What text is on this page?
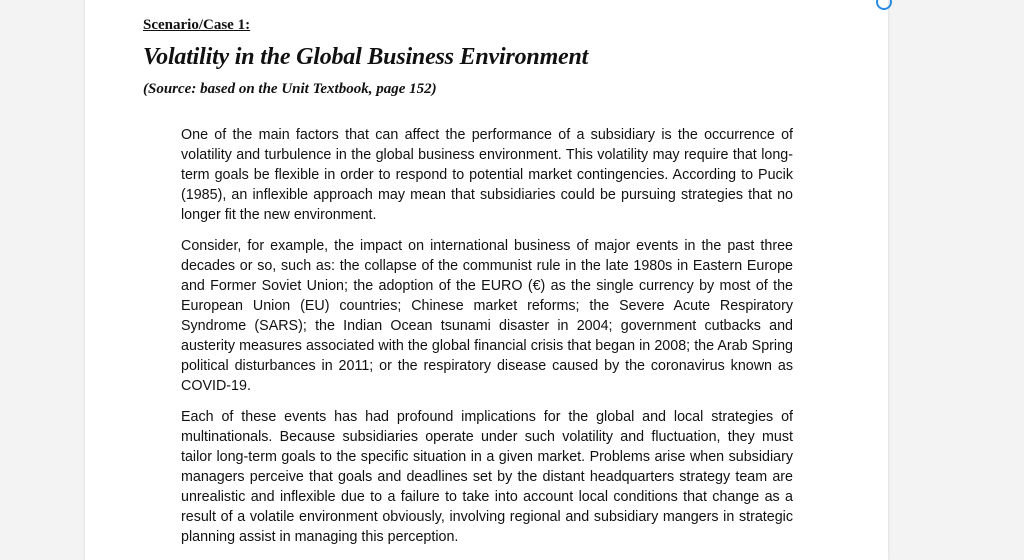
Scenario/Case 1:
Volatility in the Global Business Environment

(Source: based on the Unit Textbook, page 152)

One of the main factors that can affect the performance of a subsidiary is the occurrence of volatility and turbulence in the global business environment. This volatility may require that long-term goals be flexible in order to respond to potential market contingencies. According to Pucik (1985), an inflexible approach may mean that subsidiaries could be pursuing strategies that no longer fit the new environment.

Consider, for example, the impact on international business of major events in the past three decades or so, such as: the collapse of the communist rule in the late 1980s in Eastern Europe and Former Soviet Union; the adoption of the EURO (€) as the single currency by most of the European Union (EU) countries; Chinese market reforms; the Severe Acute Respiratory Syndrome (SARS); the Indian Ocean tsunami disaster in 2004; government cutbacks and austerity measures associated with the global financial crisis that began in 2008; the Arab Spring political disturbances in 2011; or the respiratory disease caused by the coronavirus known as COVID-19.

Each of these events has had profound implications for the global and local strategies of multinationals. Because subsidiaries operate under such volatility and fluctuation, they must tailor long-term goals to the specific situation in a given market. Problems arise when subsidiary managers perceive that goals and deadlines set by the distant headquarters strategy team are unrealistic and inflexible due to a failure to take into account local conditions that change as a result of a volatile environment obviously, involving regional and subsidiary mangers in strategic planning assist in managing this perception.
